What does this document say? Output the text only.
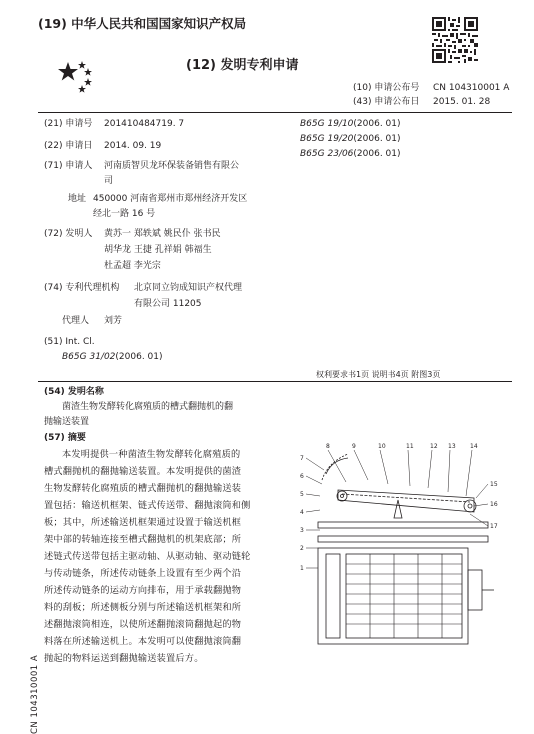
(19) 中华人民共和国国家知识产权局
(12) 发明专利申请
(10) 申请公布号 CN 104310001 A
(43) 申请公布日 2015. 01. 28
(21) 申请号 201410484719. 7
(22) 申请日 2014. 09. 19
(71) 申请人 河南质智贝龙环保装备销售有限公
司
地址 450000 河南省郑州市郑州经济开发区
经北一路 16 号
(72) 发明人 黄苏一 郑轶斌 姚民仆 张书民
胡华龙 王捷 孔祥娟 韩福生
杜孟超 李光宗
(74) 专利代理机构 北京同立钧成知识产权代理
有限公司 11205
代理人 刘芳
(51) Int. Cl.
B65G 31/02(2006. 01)
B65G 19/10(2006. 01)
B65G 19/20(2006. 01)
B65G 23/06(2006. 01)
权利要求书1页 说明书4页 附图3页
(54) 发明名称
菌渣生物发酵转化腐殖质的槽式翻抛机的翻
抛输送装置
(57) 摘要
本发明提供一种菌渣生物发酵转化腐殖质的
槽式翻抛机的翻抛输送装置。本发明提供的菌渣
生物发酵转化腐殖质的槽式翻抛机的翻抛输送装
置包括：输送机框架、链式传送带、翻抛滚筒和侧
板；其中，所述输送机框架通过设置于输送机框
架中部的转轴连接至槽式翻抛机的机架底部；所
述链式传送带包括主驱动轴、从驱动轴、驱动链轮
与传动链条，所述传动链条上设置有至少两个沿
所述传动链条的运动方向排布，用于承载翻抛物
料的刮板；所述侧板分别与所述输送机框架和所
述翻抛滚筒相连，以使所述翻抛滚筒翻抛起的物
料落在所述输送机上。本发明可以使翻抛滚筒翻
抛起的物料运送到翻抛输送装置后方。
CN 104310001 A
8	9	10	11	12 13 14
15
16
17
7
6
5
4
3
2
1
